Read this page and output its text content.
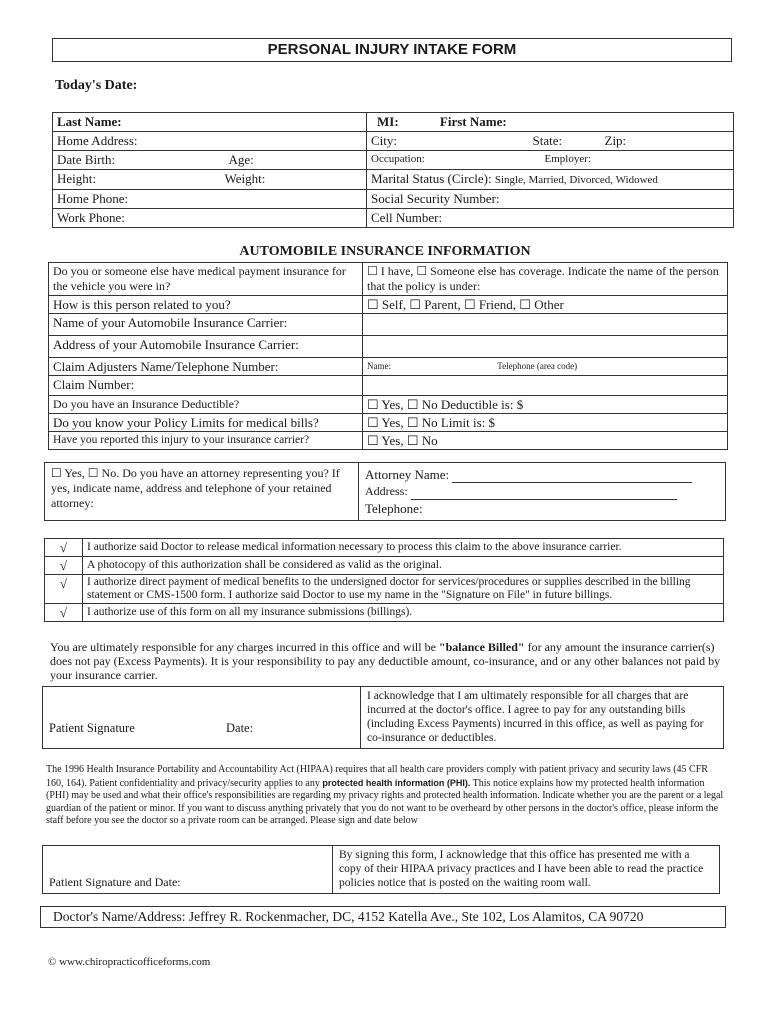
PERSONAL INJURY INTAKE FORM
Today's Date:
Last Name:	MI: First Name:
Home Address:	City: State: Zip:

Date Birth: Age:	Occupation: Employer:

Height: Weight:	Marital Status (Circle): Single, Married, Divorced, Widowed
Home Phone:	Social Security Number:
Work Phone:	Cell Number:
AUTOMOBILE INSURANCE INFORMATION
Do you or someone else have medical payment insurance for the vehicle you were in?	☐ I have, ☐ Someone else has coverage. Indicate the name of the person that the policy is under:
How is this person related to you?	☐ Self, ☐ Parent, ☐ Friend, ☐ Other
Name of your Automobile Insurance Carrier:	
Address of your Automobile Insurance Carrier:	
Claim Adjusters Name/Telephone Number:	Name: Telephone (area code)
Claim Number:	
Do you have an Insurance Deductible?	☐ Yes, ☐ No Deductible is: $
Do you know your Policy Limits for medical bills?	☐ Yes, ☐ No Limit is: $
Have you reported this injury to your insurance carrier?	☐ Yes, ☐ No
☐ Yes, ☐ No. Do you have an attorney representing you? If yes, indicate name, address and telephone of your retained attorney:	
Attorney Name:
Address:
Telephone:
√	I authorize said Doctor to release medical information necessary to process this claim to the above insurance carrier.
√	A photocopy of this authorization shall be considered as valid as the original.
√	I authorize direct payment of medical benefits to the undersigned doctor for services/procedures or supplies described in the billing statement or CMS-1500 form. I authorize said Doctor to use my name in the "Signature on File" in future billings.
√	I authorize use of this form on all my insurance submissions (billings).
You are ultimately responsible for any charges incurred in this office and will be "balance Billed" for any amount the insurance carrier(s) does not pay (Excess Payments). It is your responsibility to pay any deductible amount, co-insurance, and or any other balances not paid by your insurance carrier.
Patient Signature	Date:	I acknowledge that I am ultimately responsible for all charges that are incurred at the doctor's office. I agree to pay for any outstanding bills (including Excess Payments) incurred in this office, as well as paying for co-insurance or deductibles.
The 1996 Health Insurance Portability and Accountability Act (HIPAA) requires that all health care providers comply with patient privacy and security laws (45 CFR 160, 164). Patient confidentiality and privacy/security applies to any protected health information (PHI). This notice explains how my protected health information (PHI) may be used and what their office's responsibilities are regarding my privacy rights and protected health information. Indicate whether you are the parent or a legal guardian of the patient or minor. If you want to discuss anything privately that you do not want to be overheard by other persons in the doctor's office, please inform the staff before you see the doctor so a private room can be arranged. Please sign and date below
Patient Signature and Date:	By signing this form, I acknowledge that this office has presented me with a copy of their HIPAA privacy practices and I have been able to read the practice policies notice that is posted on the waiting room wall.
Doctor's Name/Address: Jeffrey R. Rockenmacher, DC, 4152 Katella Ave., Ste 102, Los Alamitos, CA 90720
© www.chiropracticofficeforms.com
